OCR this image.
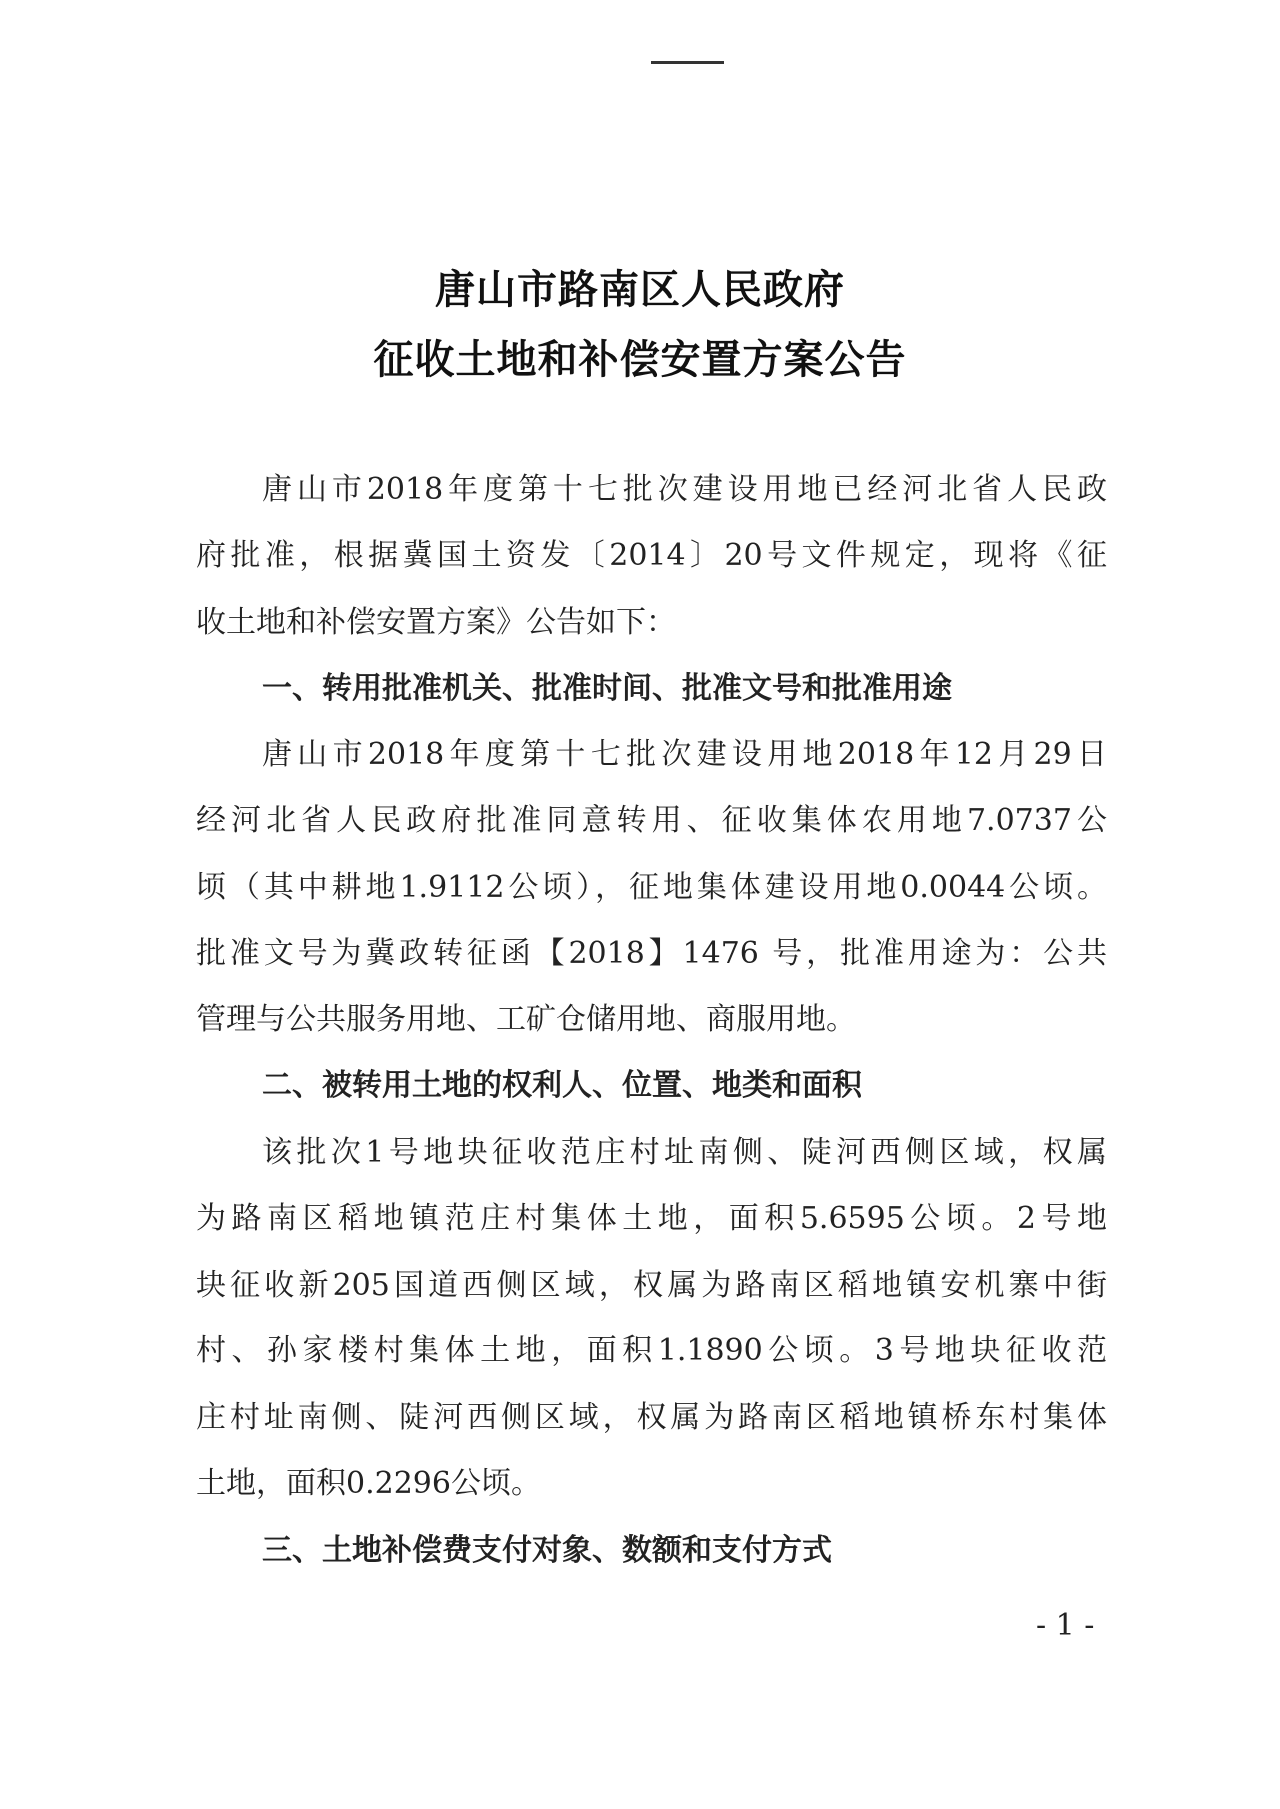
唐山市路南区人民政府
征收土地和补偿安置方案公告
唐山市2018年度第十七批次建设用地已经河北省人民政
府批准，根据冀国土资发〔2014〕20号文件规定，现将《征
收土地和补偿安置方案》公告如下：
一、转用批准机关、批准时间、批准文号和批准用途
唐山市2018年度第十七批次建设用地2018年12月29日
经河北省人民政府批准同意转用、征收集体农用地7.0737公
顷（其中耕地1.9112公顷），征地集体建设用地0.0044公顷。
批准文号为冀政转征函【2018】1476 号，批准用途为：公共
管理与公共服务用地、工矿仓储用地、商服用地。
二、被转用土地的权利人、位置、地类和面积
该批次1号地块征收范庄村址南侧、陡河西侧区域，权属
为路南区稻地镇范庄村集体土地，面积5.6595公顷。2号地
块征收新205国道西侧区域，权属为路南区稻地镇安机寨中街
村、孙家楼村集体土地，面积1.1890公顷。3号地块征收范
庄村址南侧、陡河西侧区域，权属为路南区稻地镇桥东村集体
土地，面积0.2296公顷。
三、土地补偿费支付对象、数额和支付方式
- 1 -
